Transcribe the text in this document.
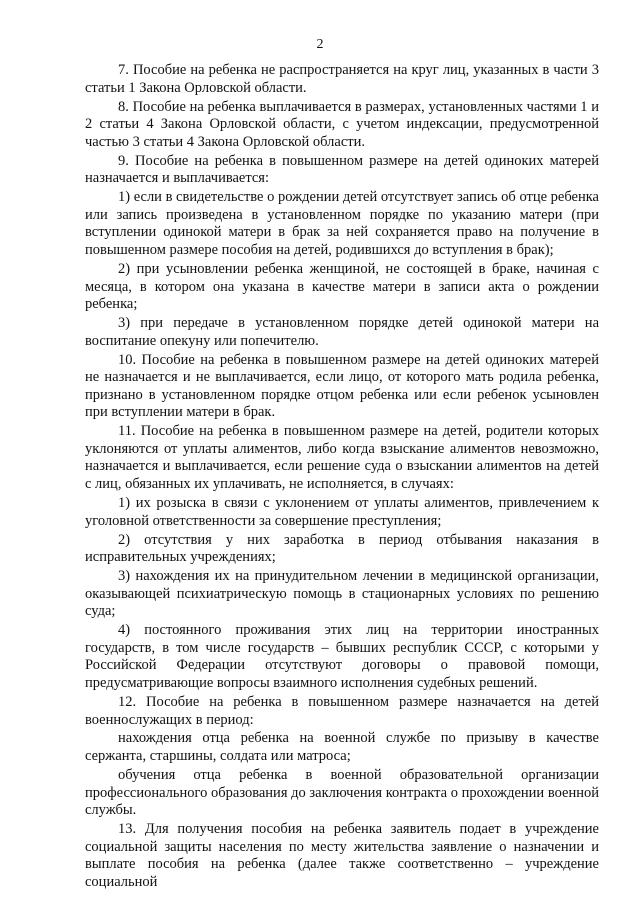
2

7. Пособие на ребенка не распространяется на круг лиц, указанных в части 3 статьи 1 Закона Орловской области.

8. Пособие на ребенка выплачивается в размерах, установленных частями 1 и 2 статьи 4 Закона Орловской области, с учетом индексации, предусмотренной частью 3 статьи 4 Закона Орловской области.

9. Пособие на ребенка в повышенном размере на детей одиноких матерей назначается и выплачивается:

1) если в свидетельстве о рождении детей отсутствует запись об отце ребенка или запись произведена в установленном порядке по указанию матери (при вступлении одинокой матери в брак за ней сохраняется право на получение в повышенном размере пособия на детей, родившихся до вступления в брак);

2) при усыновлении ребенка женщиной, не состоящей в браке, начиная с месяца, в котором она указана в качестве матери в записи акта о рождении ребенка;

3) при передаче в установленном порядке детей одинокой матери на воспитание опекуну или попечителю.

10. Пособие на ребенка в повышенном размере на детей одиноких матерей не назначается и не выплачивается, если лицо, от которого мать родила ребенка, признано в установленном порядке отцом ребенка или если ребенок усыновлен при вступлении матери в брак.

11. Пособие на ребенка в повышенном размере на детей, родители которых уклоняются от уплаты алиментов, либо когда взыскание алиментов невозможно, назначается и выплачивается, если решение суда о взыскании алиментов на детей с лиц, обязанных их уплачивать, не исполняется, в случаях:

1) их розыска в связи с уклонением от уплаты алиментов, привлечением к уголовной ответственности за совершение преступления;

2) отсутствия у них заработка в период отбывания наказания в исправительных учреждениях;

3) нахождения их на принудительном лечении в медицинской организации, оказывающей психиатрическую помощь в стационарных условиях по решению суда;

4) постоянного проживания этих лиц на территории иностранных государств, в том числе государств – бывших республик СССР, с которыми у Российской Федерации отсутствуют договоры о правовой помощи, предусматривающие вопросы взаимного исполнения судебных решений.

12. Пособие на ребенка в повышенном размере назначается на детей военнослужащих в период:

нахождения отца ребенка на военной службе по призыву в качестве сержанта, старшины, солдата или матроса;

обучения отца ребенка в военной образовательной организации профессионального образования до заключения контракта о прохождении военной службы.

13. Для получения пособия на ребенка заявитель подает в учреждение социальной защиты населения по месту жительства заявление о назначении и выплате пособия на ребенка (далее также соответственно – учреждение социальной
